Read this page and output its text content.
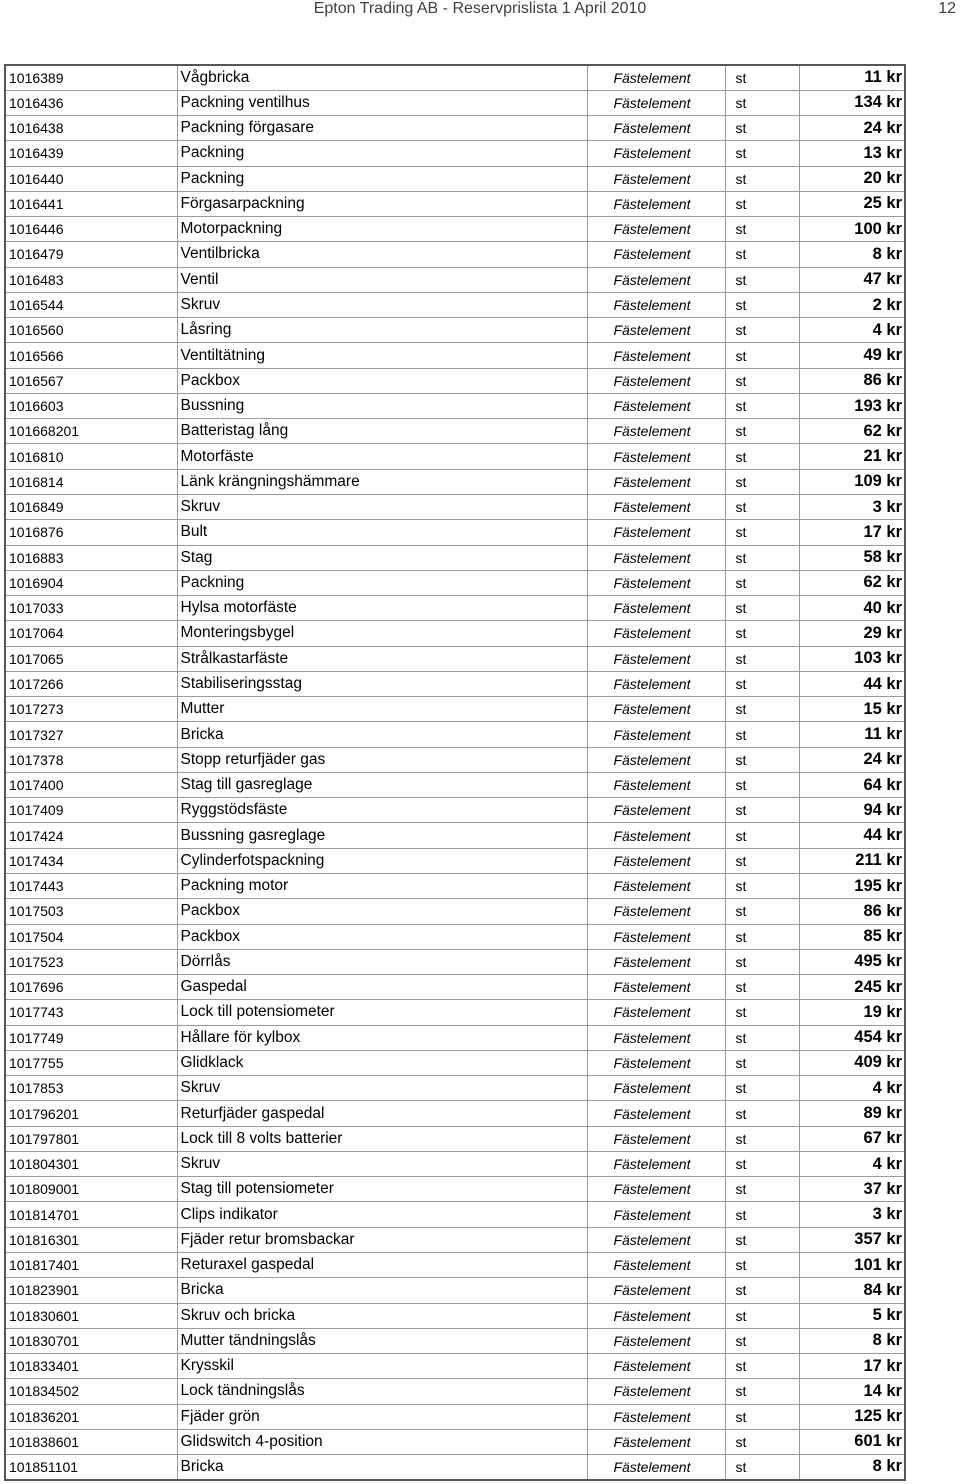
Epton Trading AB - Reservprislista 1 April 2010	12
1016389	Vågbricka	Fästelement	st	11 kr
1016436	Packning ventilhus	Fästelement	st	134 kr
1016438	Packning förgasare	Fästelement	st	24 kr
1016439	Packning	Fästelement	st	13 kr
1016440	Packning	Fästelement	st	20 kr
1016441	Förgasarpackning	Fästelement	st	25 kr
1016446	Motorpackning	Fästelement	st	100 kr
1016479	Ventilbricka	Fästelement	st	8 kr
1016483	Ventil	Fästelement	st	47 kr
1016544	Skruv	Fästelement	st	2 kr
1016560	Låsring	Fästelement	st	4 kr
1016566	Ventiltätning	Fästelement	st	49 kr
1016567	Packbox	Fästelement	st	86 kr
1016603	Bussning	Fästelement	st	193 kr
101668201	Batteristag lång	Fästelement	st	62 kr
1016810	Motorfäste	Fästelement	st	21 kr
1016814	Länk krängningshämmare	Fästelement	st	109 kr
1016849	Skruv	Fästelement	st	3 kr
1016876	Bult	Fästelement	st	17 kr
1016883	Stag	Fästelement	st	58 kr
1016904	Packning	Fästelement	st	62 kr
1017033	Hylsa motorfäste	Fästelement	st	40 kr
1017064	Monteringsbygel	Fästelement	st	29 kr
1017065	Strålkastarfäste	Fästelement	st	103 kr
1017266	Stabiliseringsstag	Fästelement	st	44 kr
1017273	Mutter	Fästelement	st	15 kr
1017327	Bricka	Fästelement	st	11 kr
1017378	Stopp returfjäder gas	Fästelement	st	24 kr
1017400	Stag till gasreglage	Fästelement	st	64 kr
1017409	Ryggstödsfäste	Fästelement	st	94 kr
1017424	Bussning gasreglage	Fästelement	st	44 kr
1017434	Cylinderfotspackning	Fästelement	st	211 kr
1017443	Packning motor	Fästelement	st	195 kr
1017503	Packbox	Fästelement	st	86 kr
1017504	Packbox	Fästelement	st	85 kr
1017523	Dörrlås	Fästelement	st	495 kr
1017696	Gaspedal	Fästelement	st	245 kr
1017743	Lock till potensiometer	Fästelement	st	19 kr
1017749	Hållare för kylbox	Fästelement	st	454 kr
1017755	Glidklack	Fästelement	st	409 kr
1017853	Skruv	Fästelement	st	4 kr
101796201	Returfjäder gaspedal	Fästelement	st	89 kr
101797801	Lock till 8 volts batterier	Fästelement	st	67 kr
101804301	Skruv	Fästelement	st	4 kr
101809001	Stag till potensiometer	Fästelement	st	37 kr
101814701	Clips indikator	Fästelement	st	3 kr
101816301	Fjäder retur bromsbackar	Fästelement	st	357 kr
101817401	Returaxel gaspedal	Fästelement	st	101 kr
101823901	Bricka	Fästelement	st	84 kr
101830601	Skruv och bricka	Fästelement	st	5 kr
101830701	Mutter tändningslås	Fästelement	st	8 kr
101833401	Krysskil	Fästelement	st	17 kr
101834502	Lock tändningslås	Fästelement	st	14 kr
101836201	Fjäder grön	Fästelement	st	125 kr
101838601	Glidswitch 4-position	Fästelement	st	601 kr
101851101	Bricka	Fästelement	st	8 kr
